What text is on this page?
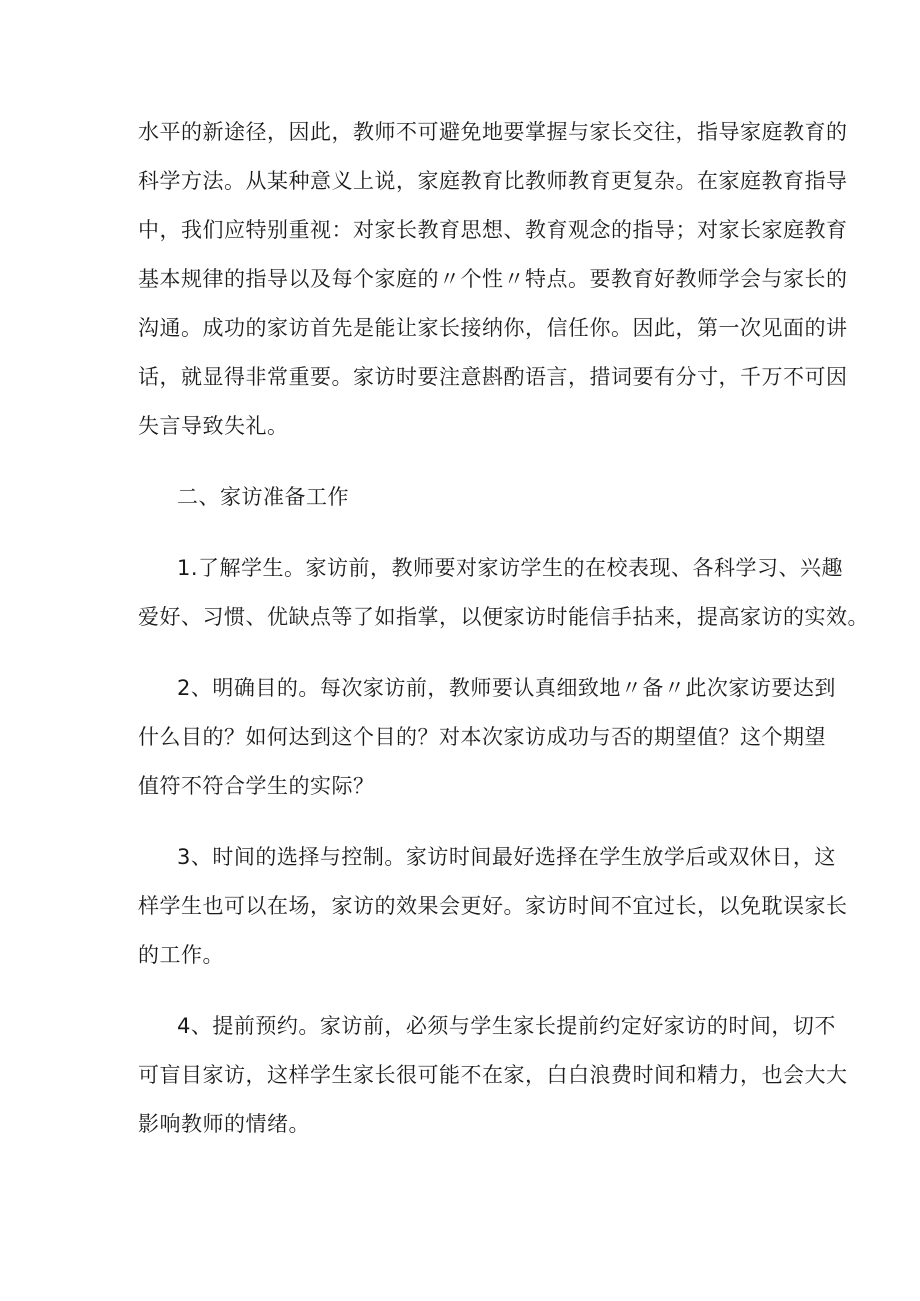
水平的新途径，因此，教师不可避免地要掌握与家长交往，指导家庭教育的
科学方法。从某种意义上说，家庭教育比教师教育更复杂。在家庭教育指导
中，我们应特别重视：对家长教育思想、教育观念的指导；对家长家庭教育
基本规律的指导以及每个家庭的〃个性〃特点。要教育好教师学会与家长的
沟通。成功的家访首先是能让家长接纳你，信任你。因此，第一次见面的讲
话，就显得非常重要。家访时要注意斟酌语言，措词要有分寸，千万不可因
失言导致失礼。
二、家访准备工作
1.了解学生。家访前，教师要对家访学生的在校表现、各科学习、兴趣
爱好、习惯、优缺点等了如指掌，以便家访时能信手拈来，提高家访的实效。
2、明确目的。每次家访前，教师要认真细致地〃备〃此次家访要达到
什么目的？如何达到这个目的？对本次家访成功与否的期望值？这个期望
值符不符合学生的实际？
3、时间的选择与控制。家访时间最好选择在学生放学后或双休日，这
样学生也可以在场，家访的效果会更好。家访时间不宜过长，以免耽误家长
的工作。
4、提前预约。家访前，必须与学生家长提前约定好家访的时间，切不
可盲目家访，这样学生家长很可能不在家，白白浪费时间和精力，也会大大
影响教师的情绪。
